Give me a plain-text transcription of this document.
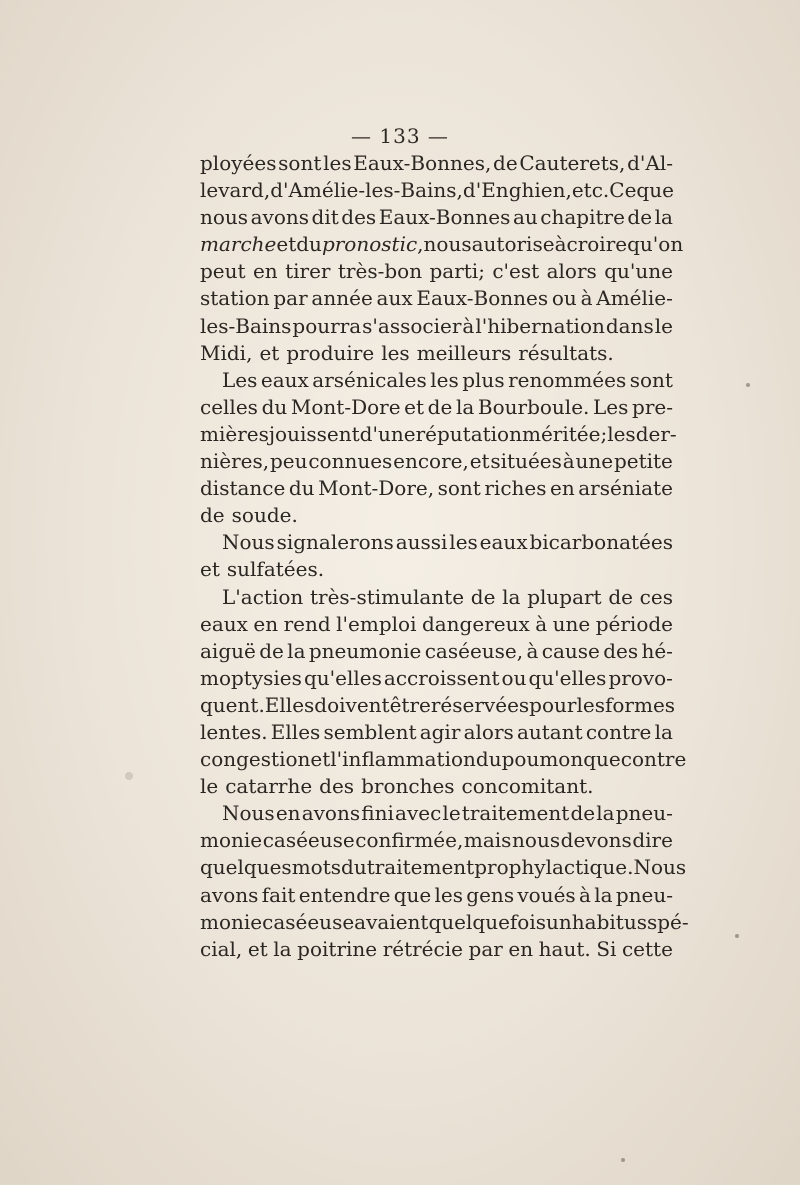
— 133 —
ployées sont les Eaux-Bonnes, de Cauterets, d'Al-
levard, d'Amélie-les-Bains, d'Enghien, etc. Ce que
nous avons dit des Eaux-Bonnes au chapitre de la
marche et du pronostic, nous autorise à croire qu'on
peut en tirer très-bon parti; c'est alors qu'une
station par année aux Eaux-Bonnes ou à Amélie-
les-Bains pourra s'associer à l'hibernation dans le
Midi, et produire les meilleurs résultats.
Les eaux arsénicales les plus renommées sont
celles du Mont-Dore et de la Bourboule. Les pre-
mières jouissent d'une réputation méritée ; les der-
nières, peu connues encore, et situées à une petite
distance du Mont-Dore, sont riches en arséniate
de soude.
Nous signalerons aussi les eaux bicarbonatées
et sulfatées.
L'action très-stimulante de la plupart de ces
eaux en rend l'emploi dangereux à une période
aiguë de la pneumonie caséeuse, à cause des hé-
moptysies qu'elles accroissent ou qu'elles provo-
quent. Elles doivent être réservées pour les formes
lentes. Elles semblent agir alors autant contre la
congestion et l'inflammation du poumon que contre
le catarrhe des bronches concomitant.
Nous en avons fini avec le traitement de la pneu-
monie caséeuse confirmée, mais nous devons dire
quelques mots du traitement prophylactique. Nous
avons fait entendre que les gens voués à la pneu-
monie caséeuse avaient quelquefois un habitus spé-
cial, et la poitrine rétrécie par en haut. Si cette
